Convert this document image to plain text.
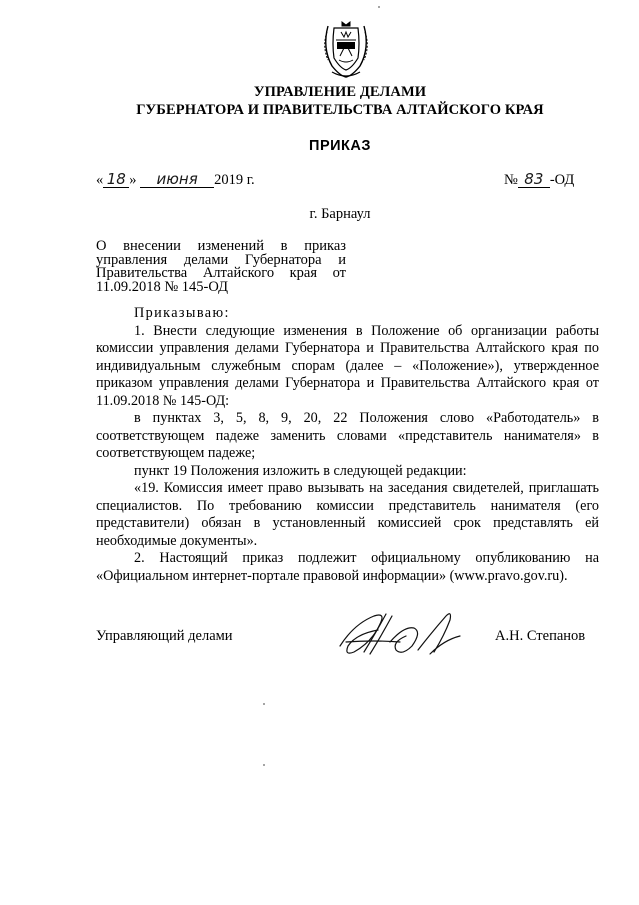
УПРАВЛЕНИЕ ДЕЛАМИ
ГУБЕРНАТОРА И ПРАВИТЕЛЬСТВА АЛТАЙСКОГО КРАЯ
ПРИКАЗ
« 18 » июня 2019 г.	№ 83 -ОД
г. Барнаул
О внесении изменений в приказ
управления делами Губернатора и
Правительства Алтайского края от
11.09.2018 № 145-ОД

Приказываю:

1. Внести следующие изменения в Положение об организации работы комиссии управления делами Губернатора и Правительства Алтайского края по индивидуальным служебным спорам (далее – «Положение»), утвержденное приказом управления делами Губернатора и Правительства Алтайского края от 11.09.2018 № 145-ОД:

в пунктах 3, 5, 8, 9, 20, 22 Положения слово «Работодатель» в соответствующем падеже заменить словами «представитель нанимателя» в соответствующем падеже;

пункт 19 Положения изложить в следующей редакции:

«19. Комиссия имеет право вызывать на заседания свидетелей, приглашать специалистов. По требованию комиссии представитель нанимателя (его представители) обязан в установленный комиссией срок представлять ей необходимые документы».

2. Настоящий приказ подлежит официальному опубликованию на «Официальном интернет-портале правовой информации» (www.pravo.gov.ru).

Управляющий делами	А.Н. Степанов
